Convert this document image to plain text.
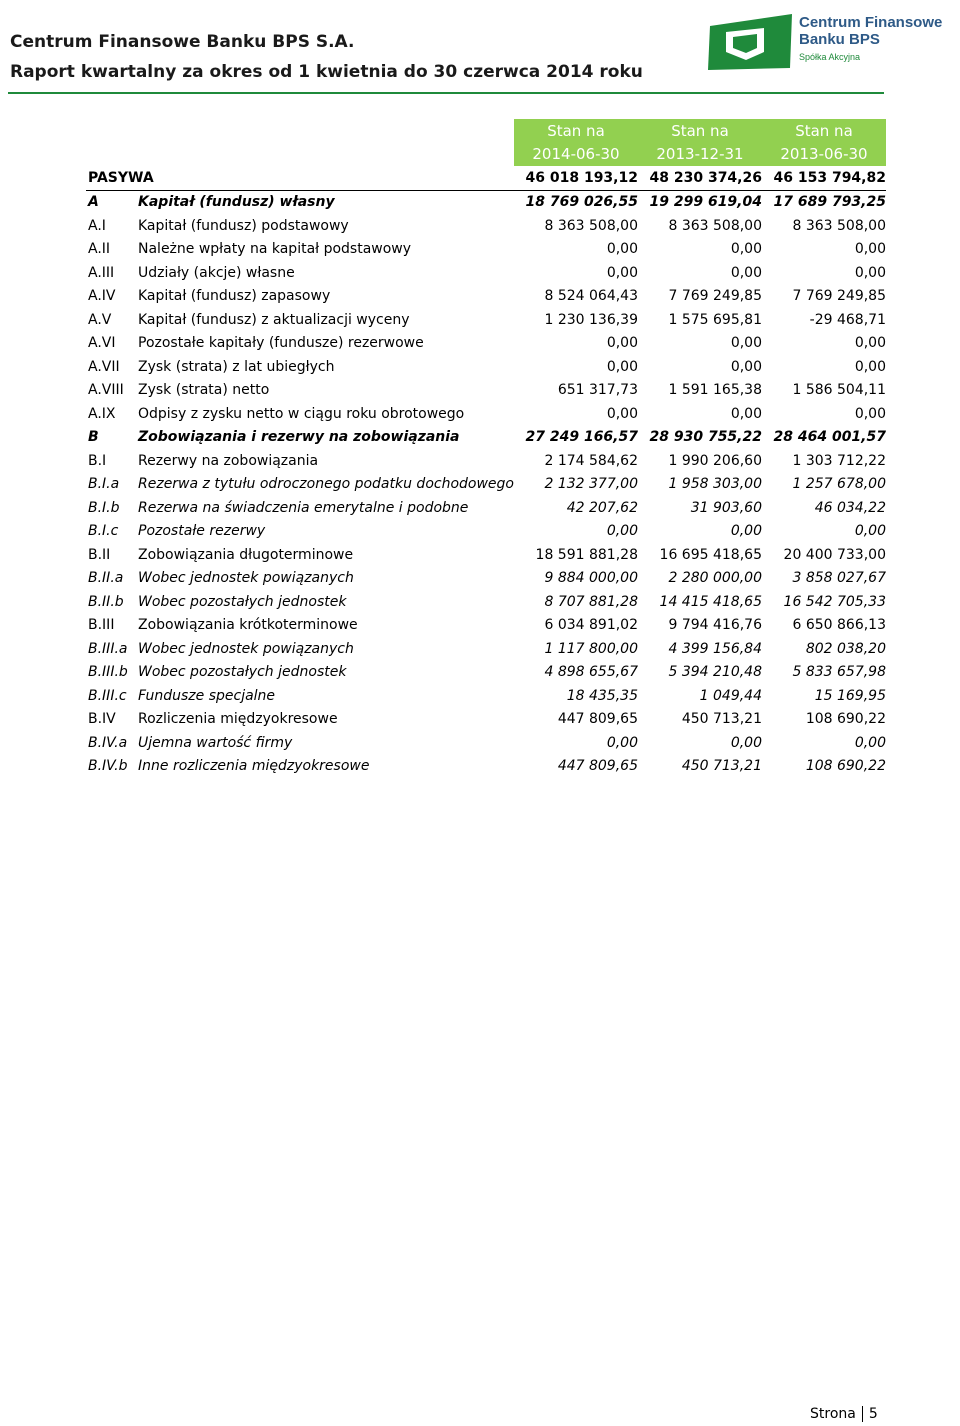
Centrum Finansowe Banku BPS S.A.
Raport kwartalny za okres od 1 kwietnia do 30 czerwca 2014 roku
Centrum Finansowe
Banku BPS
Spółka Akcyjna
		Stan na	Stan na	Stan na
		2014-06-30	2013-12-31	2013-06-30
PASYWA		46 018 193,12	48 230 374,26	46 153 794,82
A	Kapitał (fundusz) własny	18 769 026,55	19 299 619,04	17 689 793,25
A.I	Kapitał (fundusz) podstawowy	8 363 508,00	8 363 508,00	8 363 508,00
A.II	Należne wpłaty na kapitał podstawowy	0,00	0,00	0,00
A.III	Udziały (akcje) własne	0,00	0,00	0,00
A.IV	Kapitał (fundusz) zapasowy	8 524 064,43	7 769 249,85	7 769 249,85
A.V	Kapitał (fundusz) z aktualizacji wyceny	1 230 136,39	1 575 695,81	-29 468,71
A.VI	Pozostałe kapitały (fundusze) rezerwowe	0,00	0,00	0,00
A.VII	Zysk (strata) z lat ubiegłych	0,00	0,00	0,00
A.VIII	Zysk (strata) netto	651 317,73	1 591 165,38	1 586 504,11
A.IX	Odpisy z zysku netto w ciągu roku obrotowego	0,00	0,00	0,00
B	Zobowiązania i rezerwy na zobowiązania	27 249 166,57	28 930 755,22	28 464 001,57
B.I	Rezerwy na zobowiązania	2 174 584,62	1 990 206,60	1 303 712,22
B.I.a	Rezerwa z tytułu odroczonego podatku dochodowego	2 132 377,00	1 958 303,00	1 257 678,00
B.I.b	Rezerwa na świadczenia emerytalne i podobne	42 207,62	31 903,60	46 034,22
B.I.c	Pozostałe rezerwy	0,00	0,00	0,00
B.II	Zobowiązania długoterminowe	18 591 881,28	16 695 418,65	20 400 733,00
B.II.a	Wobec jednostek powiązanych	9 884 000,00	2 280 000,00	3 858 027,67
B.II.b	Wobec pozostałych jednostek	8 707 881,28	14 415 418,65	16 542 705,33
B.III	Zobowiązania krótkoterminowe	6 034 891,02	9 794 416,76	6 650 866,13
B.III.a	Wobec jednostek powiązanych	1 117 800,00	4 399 156,84	802 038,20
B.III.b	Wobec pozostałych jednostek	4 898 655,67	5 394 210,48	5 833 657,98
B.III.c	Fundusze specjalne	18 435,35	1 049,44	15 169,95
B.IV	Rozliczenia międzyokresowe	447 809,65	450 713,21	108 690,22
B.IV.a	Ujemna wartość firmy	0,00	0,00	0,00
B.IV.b	Inne rozliczenia międzyokresowe	447 809,65	450 713,21	108 690,22
Strona 5
